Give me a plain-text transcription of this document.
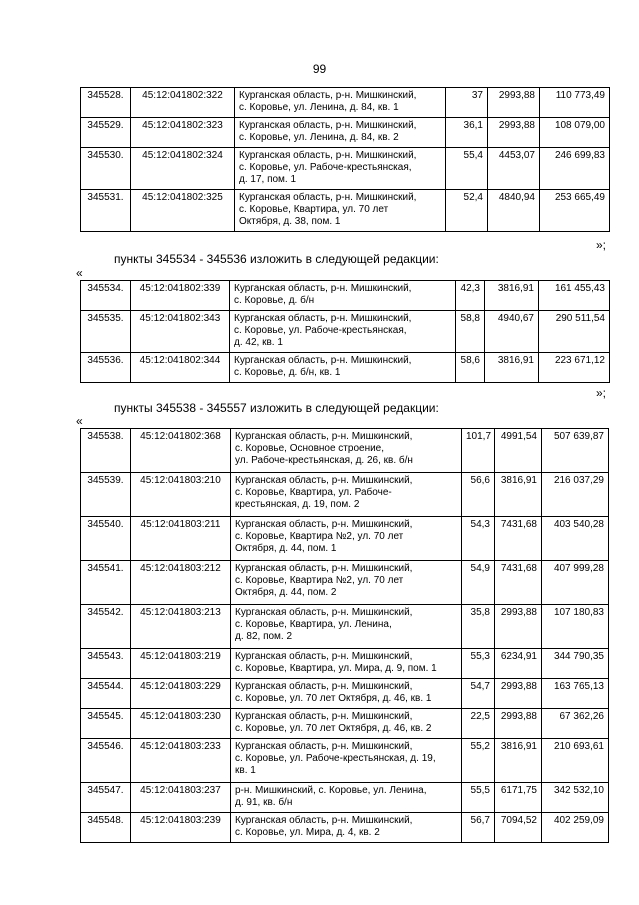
99
345528.	45:12:041802:322	Курганская область, р-н. Мишкинский,
с. Коровье, ул. Ленина, д. 84, кв. 1	37	2993,88	110 773,49
345529.	45:12:041802:323	Курганская область, р-н. Мишкинский,
с. Коровье, ул. Ленина, д. 84, кв. 2	36,1	2993,88	108 079,00
345530.	45:12:041802:324	Курганская область, р-н. Мишкинский,
с. Коровье, ул. Рабоче-крестьянская,
д. 17, пом. 1	55,4	4453,07	246 699,83
345531.	45:12:041802:325	Курганская область, р-н. Мишкинский,
с. Коровье, Квартира, ул. 70 лет
Октября, д. 38, пом. 1	52,4	4840,94	253 665,49
»;
пункты 345534 - 345536 изложить в следующей редакции:
«
345534.	45:12:041802:339	Курганская область, р-н. Мишкинский,
с. Коровье, д. б/н	42,3	3816,91	161 455,43
345535.	45:12:041802:343	Курганская область, р-н. Мишкинский,
с. Коровье, ул. Рабоче-крестьянская,
д. 42, кв. 1	58,8	4940,67	290 511,54
345536.	45:12:041802:344	Курганская область, р-н. Мишкинский,
с. Коровье, д. б/н, кв. 1	58,6	3816,91	223 671,12
»;
пункты 345538 - 345557 изложить в следующей редакции:
«
345538.	45:12:041802:368	Курганская область, р-н. Мишкинский,
с. Коровье, Основное строение,
ул. Рабоче-крестьянская, д. 26, кв. б/н	101,7	4991,54	507 639,87
345539.	45:12:041803:210	Курганская область, р-н. Мишкинский,
с. Коровье, Квартира, ул. Рабоче-
крестьянская, д. 19, пом. 2	56,6	3816,91	216 037,29
345540.	45:12:041803:211	Курганская область, р-н. Мишкинский,
с. Коровье, Квартира №2, ул. 70 лет
Октября, д. 44, пом. 1	54,3	7431,68	403 540,28
345541.	45:12:041803:212	Курганская область, р-н. Мишкинский,
с. Коровье, Квартира №2, ул. 70 лет
Октября, д. 44, пом. 2	54,9	7431,68	407 999,28
345542.	45:12:041803:213	Курганская область, р-н. Мишкинский,
с. Коровье, Квартира, ул. Ленина,
д. 82, пом. 2	35,8	2993,88	107 180,83
345543.	45:12:041803:219	Курганская область, р-н. Мишкинский,
с. Коровье, Квартира, ул. Мира, д. 9, пом. 1	55,3	6234,91	344 790,35
345544.	45:12:041803:229	Курганская область, р-н. Мишкинский,
с. Коровье, ул. 70 лет Октября, д. 46, кв. 1	54,7	2993,88	163 765,13
345545.	45:12:041803:230	Курганская область, р-н. Мишкинский,
с. Коровье, ул. 70 лет Октября, д. 46, кв. 2	22,5	2993,88	67 362,26
345546.	45:12:041803:233	Курганская область, р-н. Мишкинский,
с. Коровье, ул. Рабоче-крестьянская, д. 19,
кв. 1	55,2	3816,91	210 693,61
345547.	45:12:041803:237	р-н. Мишкинский, с. Коровье, ул. Ленина,
д. 91, кв. б/н	55,5	6171,75	342 532,10
345548.	45:12:041803:239	Курганская область, р-н. Мишкинский,
с. Коровье, ул. Мира, д. 4, кв. 2	56,7	7094,52	402 259,09
